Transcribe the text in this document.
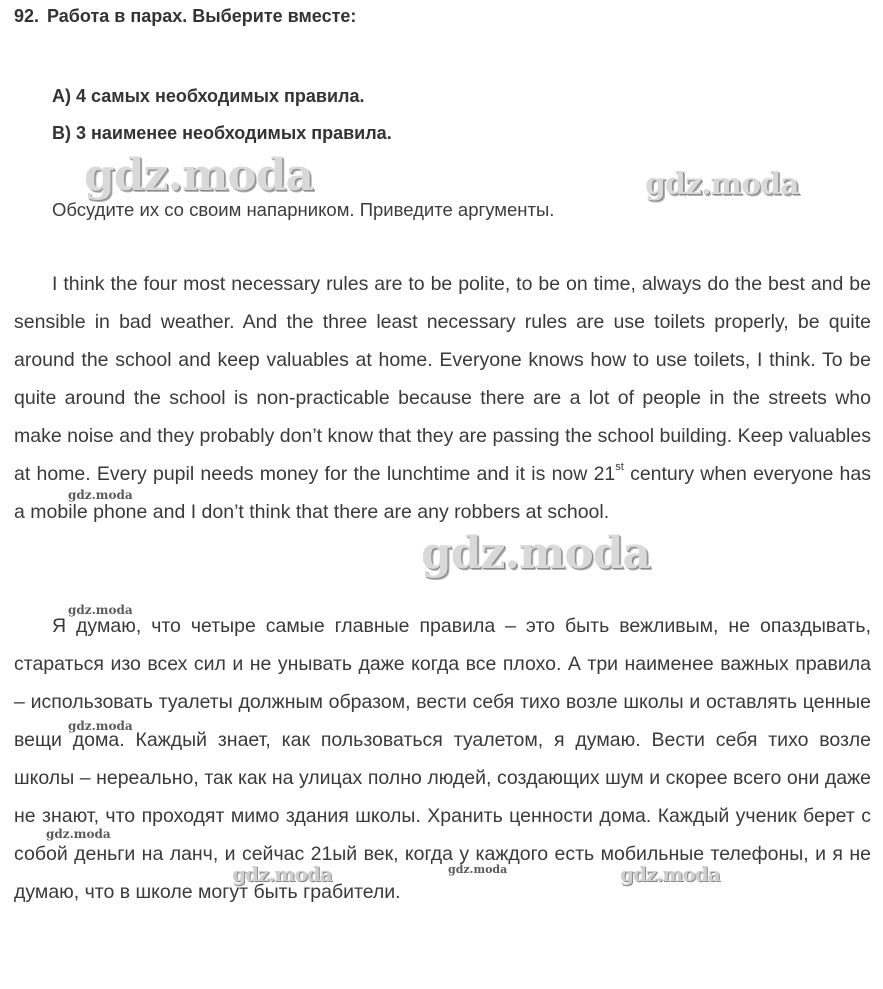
92. Работа в парах. Выберите вместе:
A) 4 самых необходимых правила.
B) 3 наименее необходимых правила.
Обсудите их со своим напарником. Приведите аргументы.

I think the four most necessary rules are to be polite, to be on time, always do the best and be sensible in bad weather. And the three least necessary rules are use toilets properly, be quite around the school and keep valuables at home. Everyone knows how to use toilets, I think. To be quite around the school is non-practicable because there are a lot of people in the streets who make noise and they probably don’t know that they are passing the school building. Keep valuables at home. Every pupil needs money for the lunchtime and it is now 21st century when everyone has a mobile phone and I don’t think that there are any robbers at school.

Я думаю, что четыре самые главные правила – это быть вежливым, не опаздывать, стараться изо всех сил и не унывать даже когда все плохо. А три наименее важных правила – использовать туалеты должным образом, вести себя тихо возле школы и оставлять ценные вещи дома. Каждый знает, как пользоваться туалетом, я думаю. Вести себя тихо возле школы – нереально, так как на улицах полно людей, создающих шум и скорее всего они даже не знают, что проходят мимо здания школы. Хранить ценности дома. Каждый ученик берет с собой деньги на ланч, и сейчас 21ый век, когда у каждого есть мобильные телефоны, и я не думаю, что в школе могут быть грабители.

gdz.moda	gdz.moda
gdz.moda
gdz.moda
gdz.moda
gdz.moda
gdz.moda
gdz.moda	gdz.moda	gdz.moda
